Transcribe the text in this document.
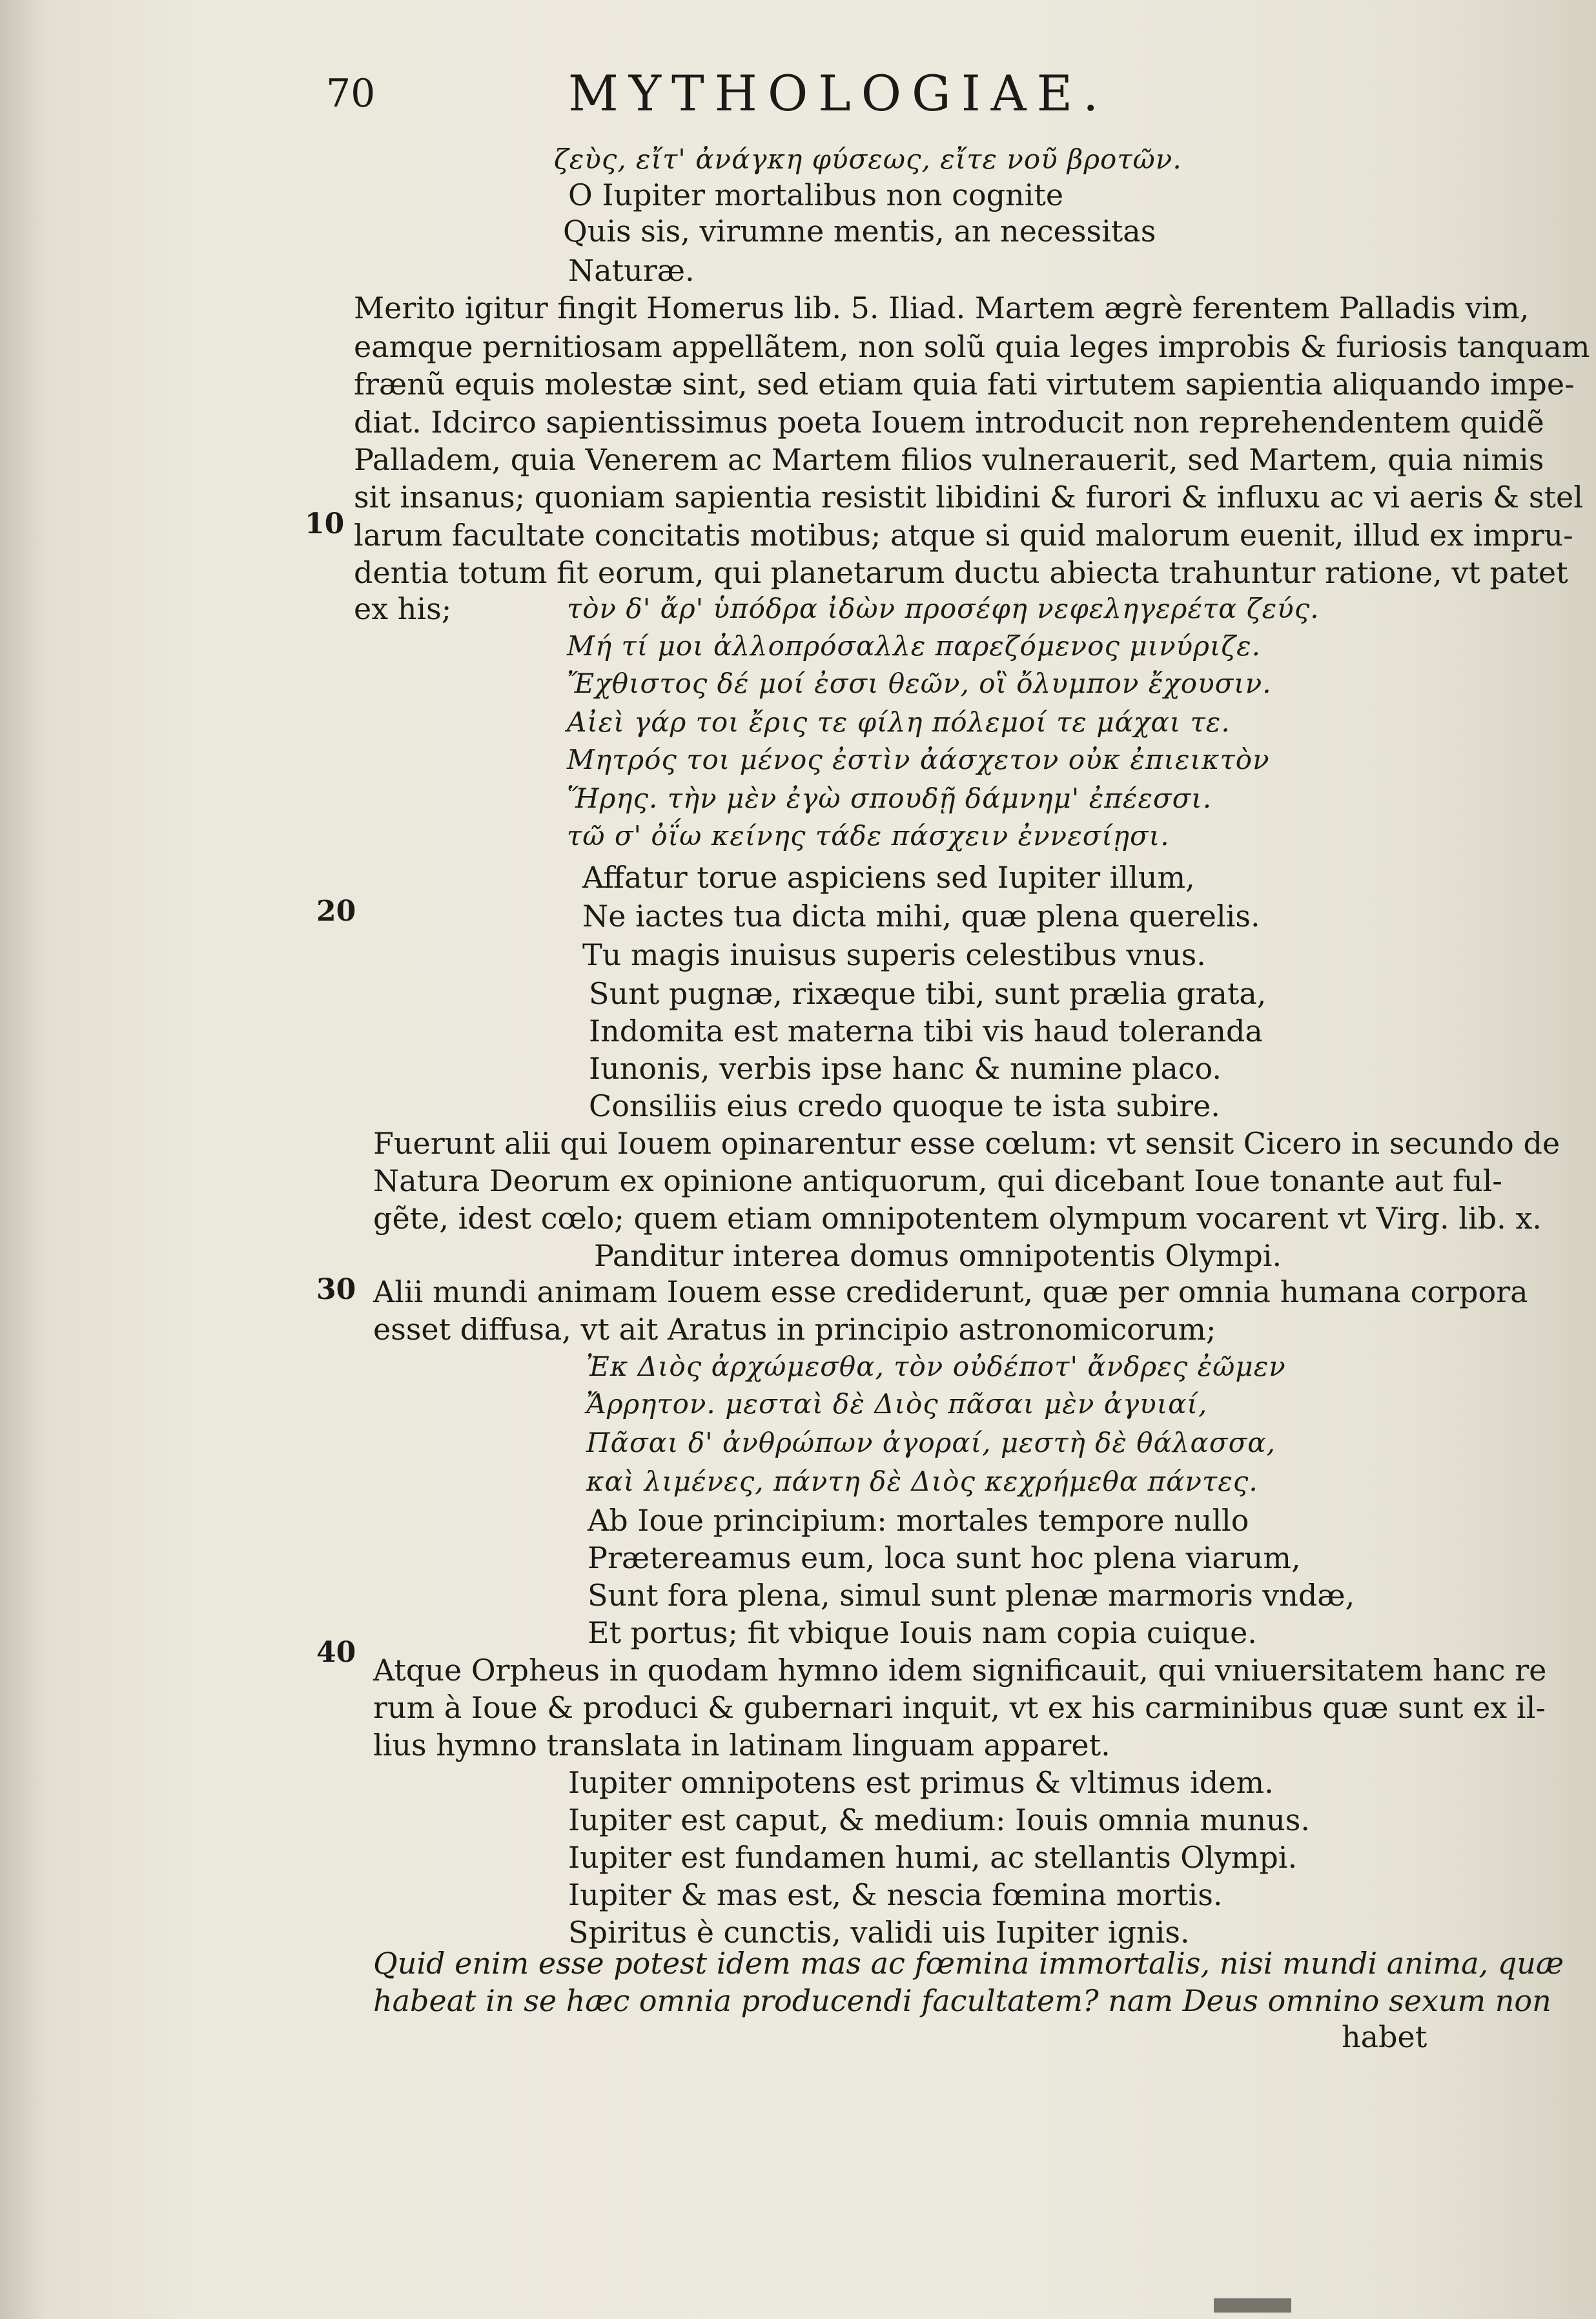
70	MYTHOLOGIAE.
10
20
30
40
ζεὺς, εἴτ' ἀνάγκη φύσεως, εἴτε νοῦ βροτῶν.
O Iupiter mortalibus non cognite
Quis sis, virumne mentis, an necessitas
Naturæ.
Merito igitur fingit Homerus lib. 5. Iliad. Martem ægrè ferentem Palladis vim,
eamque pernitiosam appellãtem, non solũ quia leges improbis & furiosis tanquam
frænũ equis molestæ sint, sed etiam quia fati virtutem sapientia aliquando impe-
diat. Idcirco sapientissimus poeta Iouem introducit non reprehendentem quidẽ
Palladem, quia Venerem ac Martem filios vulnerauerit, sed Martem, quia nimis
sit insanus; quoniam sapientia resistit libidini & furori & influxu ac vi aeris & stel
larum facultate concitatis motibus; atque si quid malorum euenit, illud ex impru-
dentia totum fit eorum, qui planetarum ductu abiecta trahuntur ratione, vt patet
ex his;	τὸν δ' ἄρ' ὑπόδρα ἰδὼν προσέφη νεφεληγερέτα ζεύς.
Μή τί μοι ἀλλοπρόσαλλε παρεζόμενος μινύριζε.
Ἔχθιστος δέ μοί ἐσσι θεῶν, οἳ ὄλυμπον ἔχουσιν.
Αἰεὶ γάρ τοι ἔρις τε φίλη πόλεμοί τε μάχαι τε.
Μητρός τοι μένος ἐστὶν ἀάσχετον οὐκ ἐπιεικτὸν
Ἥρης. τὴν μὲν ἐγὼ σπουδῇ δάμνημ' ἐπέεσσι.
τῶ σ' ὀΐω κείνης τάδε πάσχειν ἐννεσίῃσι.
Affatur torue aspiciens sed Iupiter illum,
Ne iactes tua dicta mihi, quæ plena querelis.
Tu magis inuisus superis celestibus vnus.
Sunt pugnæ, rixæque tibi, sunt prælia grata,
Indomita est materna tibi vis haud toleranda
Iunonis, verbis ipse hanc & numine placo.
Consiliis eius credo quoque te ista subire.
Fuerunt alii qui Iouem opinarentur esse cœlum: vt sensit Cicero in secundo de
Natura Deorum ex opinione antiquorum, qui dicebant Ioue tonante aut ful-
gẽte, idest cœlo; quem etiam omnipotentem olympum vocarent vt Virg. lib. x.
Panditur interea domus omnipotentis Olympi.
Alii mundi animam Iouem esse crediderunt, quæ per omnia humana corpora
esset diffusa, vt ait Aratus in principio astronomicorum;
Ἐκ Διὸς ἀρχώμεσθα, τὸν οὐδέποτ' ἄνδρες ἐῶμεν
Ἄρρητον. μεσταὶ δὲ Διὸς πᾶσαι μὲν ἀγυιαί,
Πᾶσαι δ' ἀνθρώπων ἀγοραί, μεστὴ δὲ θάλασσα,
καὶ λιμένες, πάντη δὲ Διὸς κεχρήμεθα πάντες.
Ab Ioue principium: mortales tempore nullo
Prætereamus eum, loca sunt hoc plena viarum,
Sunt fora plena, simul sunt plenæ marmoris vndæ,
Et portus; fit vbique Iouis nam copia cuique.
Atque Orpheus in quodam hymno idem significauit, qui vniuersitatem hanc re
rum à Ioue & produci & gubernari inquit, vt ex his carminibus quæ sunt ex il-
lius hymno translata in latinam linguam apparet.
Iupiter omnipotens est primus & vltimus idem.
Iupiter est caput, & medium: Iouis omnia munus.
Iupiter est fundamen humi, ac stellantis Olympi.
Iupiter & mas est, & nescia fœmina mortis.
Spiritus è cunctis, validi uis Iupiter ignis.
Quid enim esse potest idem mas ac fœmina immortalis, nisi mundi anima, quæ
habeat in se hæc omnia producendi facultatem? nam Deus omnino sexum non
habet
